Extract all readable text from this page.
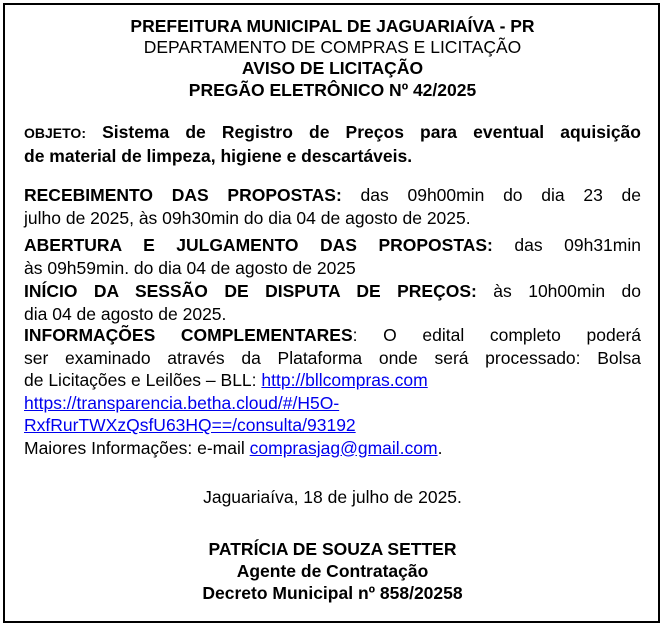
PREFEITURA MUNICIPAL DE JAGUARIAÍVA - PR
DEPARTAMENTO DE COMPRAS E LICITAÇÃO
AVISO DE LICITAÇÃO
PREGÃO ELETRÔNICO Nº 42/2025
OBJETO: Sistema de Registro de Preços para eventual aquisição
de material de limpeza, higiene e descartáveis.
RECEBIMENTO DAS PROPOSTAS: das 09h00min do dia 23 de
julho de 2025, às 09h30min do dia 04 de agosto de 2025.
ABERTURA E JULGAMENTO DAS PROPOSTAS: das 09h31min
às 09h59min. do dia 04 de agosto de 2025
INÍCIO DA SESSÃO DE DISPUTA DE PREÇOS: às 10h00min do
dia 04 de agosto de 2025.
INFORMAÇÕES COMPLEMENTARES: O edital completo poderá
ser examinado através da Plataforma onde será processado: Bolsa
de Licitações e Leilões – BLL: http://bllcompras.com
https://transparencia.betha.cloud/#/H5O-
RxfRurTWXzQsfU63HQ==/consulta/93192
Maiores Informações: e-mail comprasjag@gmail.com.
Jaguariaíva, 18 de julho de 2025.
PATRÍCIA DE SOUZA SETTER
Agente de Contratação
Decreto Municipal nº 858/20258
